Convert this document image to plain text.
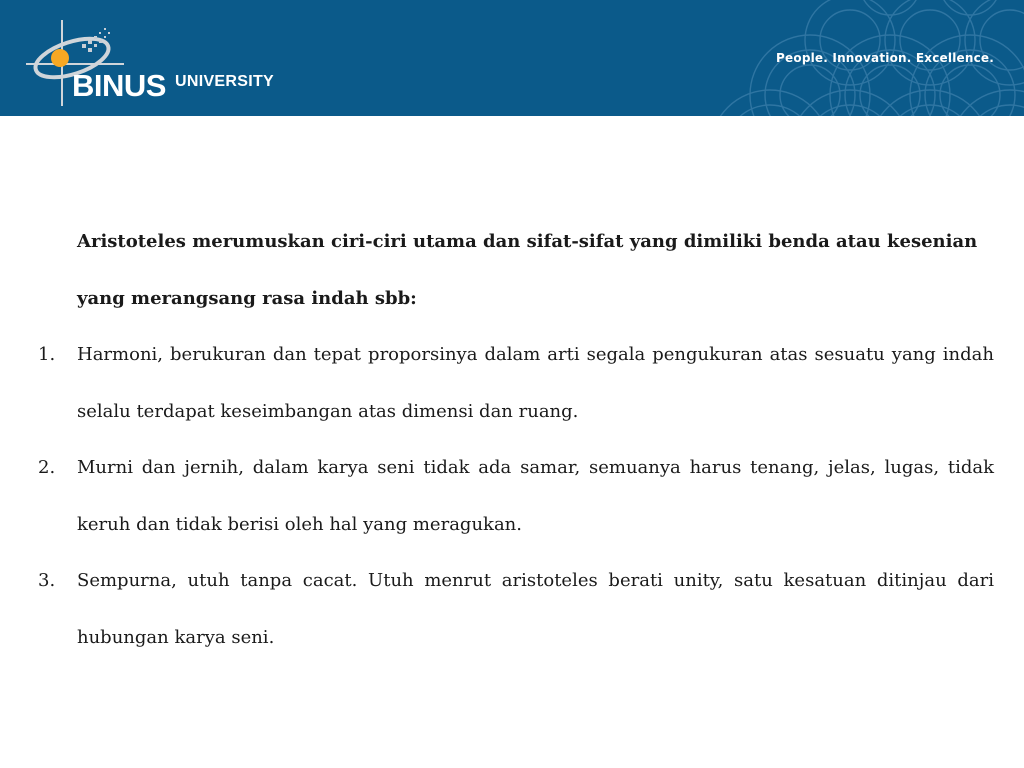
BINUS UNIVERSITY
People. Innovation. Excellence.

Aristoteles merumuskan ciri-ciri utama dan sifat-sifat yang dimiliki benda atau kesenian yang merangsang rasa indah sbb:

1. Harmoni, berukuran dan tepat proporsinya dalam arti segala pengukuran atas sesuatu yang indah selalu terdapat keseimbangan atas dimensi dan ruang.
2. Murni dan jernih, dalam karya seni tidak ada samar, semuanya harus tenang, jelas, lugas, tidak keruh dan tidak berisi oleh hal yang meragukan.
3. Sempurna, utuh tanpa cacat. Utuh menrut aristoteles berati unity, satu kesatuan ditinjau dari hubungan karya seni.
